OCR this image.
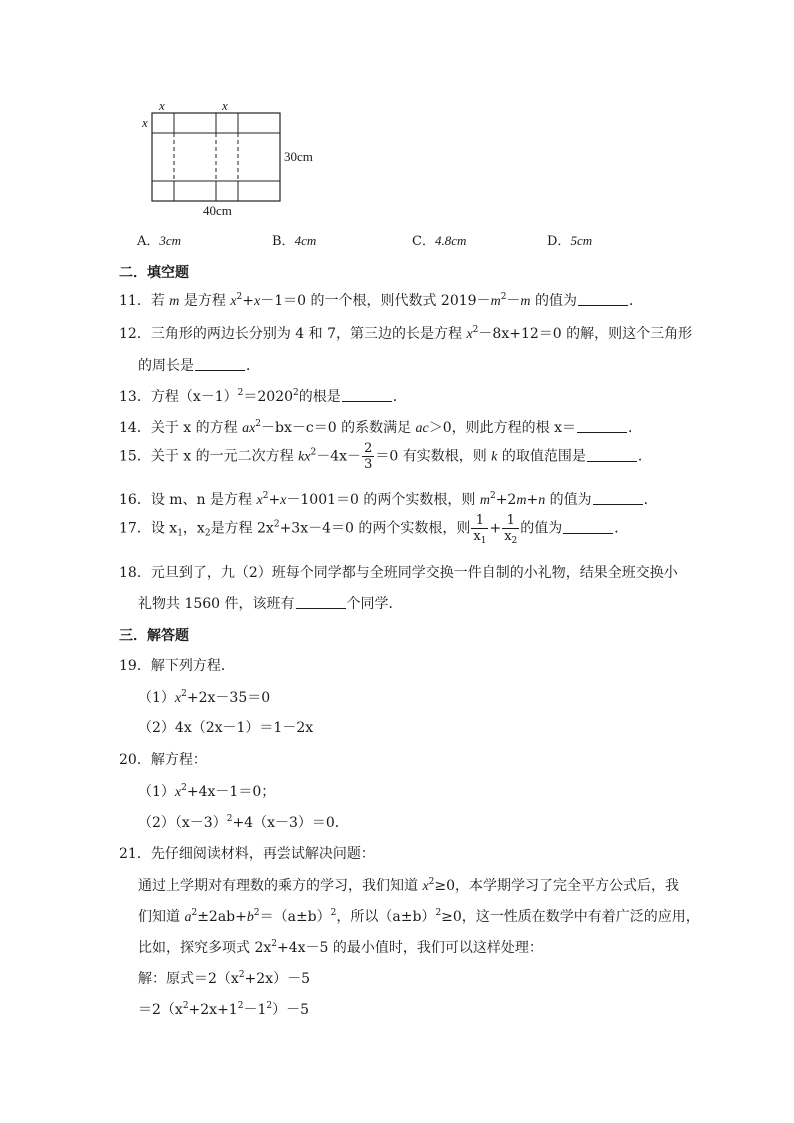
x	x
x
30cm
40cm
A．3cm	B．4cm	C．4.8cm	D．5cm
二．填空题
11．若 m 是方程 $x^2+x-1=0$ 的一个根，则代数式 $2019-m^2-m$ 的值为	．
12．三角形的两边长分别为 4 和 7，第三边的长是方程 $x^2-8x+12=0$ 的解，则这个三角形
的周长是	．
13．方程$(x-1)^2=2020^2$的根是	．
14．关于 x 的方程 $ax^2-bx-c=0$ 的系数满足 ac＞0，则此方程的根 x＝	．
15．关于 x 的一元二次方程 $kx^2-4x- \frac{2}{3} =0$ 有实数根，则 k 的取值范围是	．
16．设 m、n 是方程 $x^2+x-1001=0$ 的两个实数根，则 $m^2+2m+n$ 的值为	．
17．设 $x_1$，$x_2$是方程 $2x^2+3x-4=0$ 的两个实数根，则 $\frac{1}{x_1} + \frac{1}{x_2}$ 的值为	．
18．元旦到了，九（2）班每个同学都与全班同学交换一件自制的小礼物，结果全班交换小
礼物共 1560 件，该班有	个同学．
三．解答题
19．解下列方程．
$(1)x^2+2x-35=0$
（2）4x（2x－1）＝1－2x
20．解方程：
$(1)x^2+4x-1=0$；
$(2)(x-3)^2+4(x-3)=0$．
21．先仔细阅读材料，再尝试解决问题：
通过上学期对有理数的乘方的学习，我们知道 $x^2\ge 0$，本学期学习了完全平方公式后，我
们知道 $a^2\pm 2ab+b^2=(a\pm b)^2$，所以$(a\pm b)^2\ge 0$，这一性质在数学中有着广泛的应用，
比如，探究多项式 $2x^2+4x-5$ 的最小值时，我们可以这样处理：
解：原式$=2(x^2+2x)-5$
$=2(x^2+2x+1^2-1^2)-5$
